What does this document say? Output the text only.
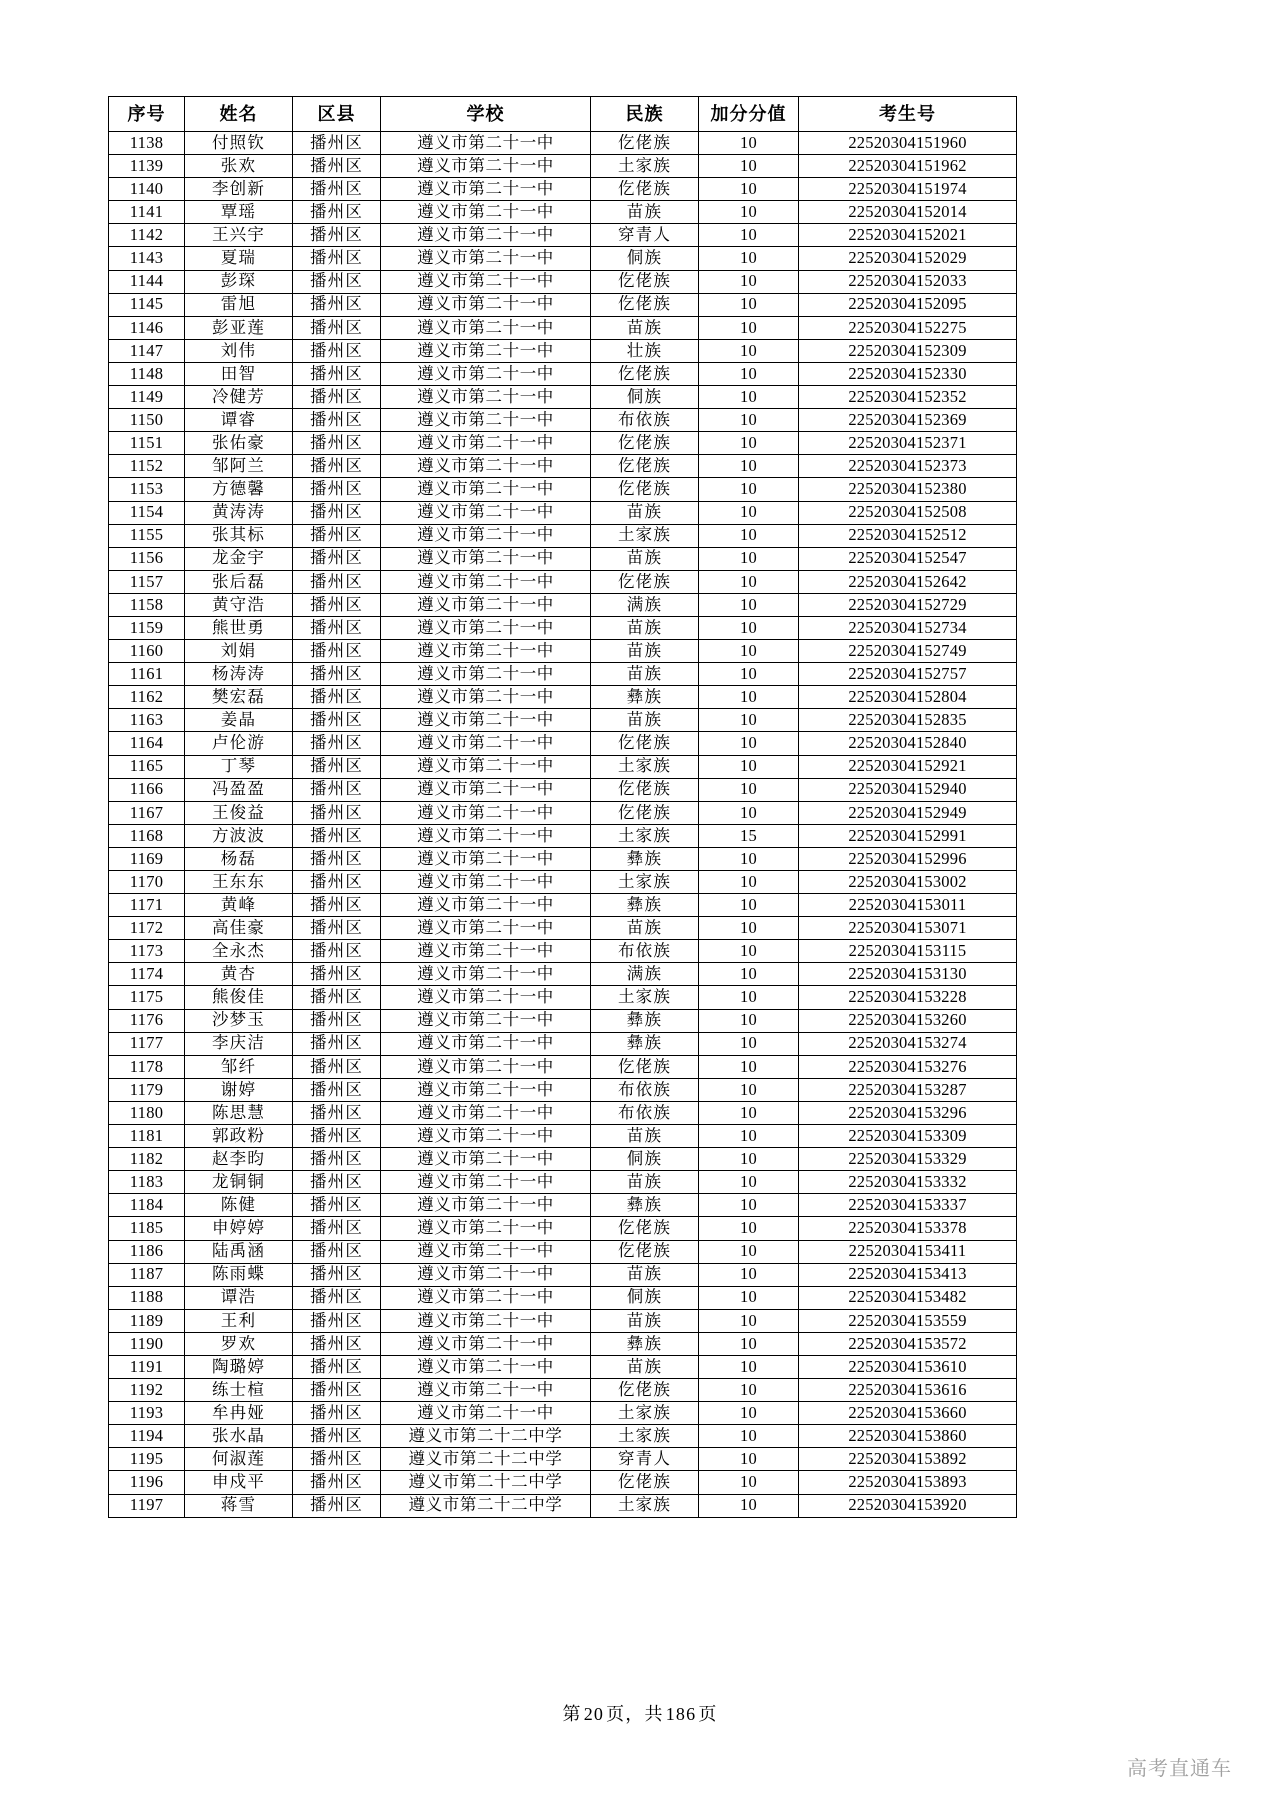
序号	姓名	区县	学校	民族	加分分值	考生号
1138	付照钦	播州区	遵义市第二十一中	仡佬族	10	22520304151960
1139	张欢	播州区	遵义市第二十一中	土家族	10	22520304151962
1140	李创新	播州区	遵义市第二十一中	仡佬族	10	22520304151974
1141	覃瑶	播州区	遵义市第二十一中	苗族	10	22520304152014
1142	王兴宇	播州区	遵义市第二十一中	穿青人	10	22520304152021
1143	夏瑞	播州区	遵义市第二十一中	侗族	10	22520304152029
1144	彭琛	播州区	遵义市第二十一中	仡佬族	10	22520304152033
1145	雷旭	播州区	遵义市第二十一中	仡佬族	10	22520304152095
1146	彭亚莲	播州区	遵义市第二十一中	苗族	10	22520304152275
1147	刘伟	播州区	遵义市第二十一中	壮族	10	22520304152309
1148	田智	播州区	遵义市第二十一中	仡佬族	10	22520304152330
1149	冷健芳	播州区	遵义市第二十一中	侗族	10	22520304152352
1150	谭睿	播州区	遵义市第二十一中	布依族	10	22520304152369
1151	张佑豪	播州区	遵义市第二十一中	仡佬族	10	22520304152371
1152	邹阿兰	播州区	遵义市第二十一中	仡佬族	10	22520304152373
1153	方德馨	播州区	遵义市第二十一中	仡佬族	10	22520304152380
1154	黄涛涛	播州区	遵义市第二十一中	苗族	10	22520304152508
1155	张其标	播州区	遵义市第二十一中	土家族	10	22520304152512
1156	龙金宇	播州区	遵义市第二十一中	苗族	10	22520304152547
1157	张后磊	播州区	遵义市第二十一中	仡佬族	10	22520304152642
1158	黄守浩	播州区	遵义市第二十一中	满族	10	22520304152729
1159	熊世勇	播州区	遵义市第二十一中	苗族	10	22520304152734
1160	刘娟	播州区	遵义市第二十一中	苗族	10	22520304152749
1161	杨涛涛	播州区	遵义市第二十一中	苗族	10	22520304152757
1162	樊宏磊	播州区	遵义市第二十一中	彝族	10	22520304152804
1163	姜晶	播州区	遵义市第二十一中	苗族	10	22520304152835
1164	卢伦游	播州区	遵义市第二十一中	仡佬族	10	22520304152840
1165	丁琴	播州区	遵义市第二十一中	土家族	10	22520304152921
1166	冯盈盈	播州区	遵义市第二十一中	仡佬族	10	22520304152940
1167	王俊益	播州区	遵义市第二十一中	仡佬族	10	22520304152949
1168	方波波	播州区	遵义市第二十一中	土家族	15	22520304152991
1169	杨磊	播州区	遵义市第二十一中	彝族	10	22520304152996
1170	王东东	播州区	遵义市第二十一中	土家族	10	22520304153002
1171	黄峰	播州区	遵义市第二十一中	彝族	10	22520304153011
1172	高佳豪	播州区	遵义市第二十一中	苗族	10	22520304153071
1173	全永杰	播州区	遵义市第二十一中	布依族	10	22520304153115
1174	黄杏	播州区	遵义市第二十一中	满族	10	22520304153130
1175	熊俊佳	播州区	遵义市第二十一中	土家族	10	22520304153228
1176	沙梦玉	播州区	遵义市第二十一中	彝族	10	22520304153260
1177	李庆洁	播州区	遵义市第二十一中	彝族	10	22520304153274
1178	邹纤	播州区	遵义市第二十一中	仡佬族	10	22520304153276
1179	谢婷	播州区	遵义市第二十一中	布依族	10	22520304153287
1180	陈思慧	播州区	遵义市第二十一中	布依族	10	22520304153296
1181	郭政粉	播州区	遵义市第二十一中	苗族	10	22520304153309
1182	赵李昀	播州区	遵义市第二十一中	侗族	10	22520304153329
1183	龙铜铜	播州区	遵义市第二十一中	苗族	10	22520304153332
1184	陈健	播州区	遵义市第二十一中	彝族	10	22520304153337
1185	申婷婷	播州区	遵义市第二十一中	仡佬族	10	22520304153378
1186	陆禹涵	播州区	遵义市第二十一中	仡佬族	10	22520304153411
1187	陈雨蝶	播州区	遵义市第二十一中	苗族	10	22520304153413
1188	谭浩	播州区	遵义市第二十一中	侗族	10	22520304153482
1189	王利	播州区	遵义市第二十一中	苗族	10	22520304153559
1190	罗欢	播州区	遵义市第二十一中	彝族	10	22520304153572
1191	陶璐婷	播州区	遵义市第二十一中	苗族	10	22520304153610
1192	练士楦	播州区	遵义市第二十一中	仡佬族	10	22520304153616
1193	牟冉娅	播州区	遵义市第二十一中	土家族	10	22520304153660
1194	张水晶	播州区	遵义市第二十二中学	土家族	10	22520304153860
1195	何淑莲	播州区	遵义市第二十二中学	穿青人	10	22520304153892
1196	申戍平	播州区	遵义市第二十二中学	仡佬族	10	22520304153893
1197	蒋雪	播州区	遵义市第二十二中学	土家族	10	22520304153920
第 20 页，共 186 页
高考直通车
